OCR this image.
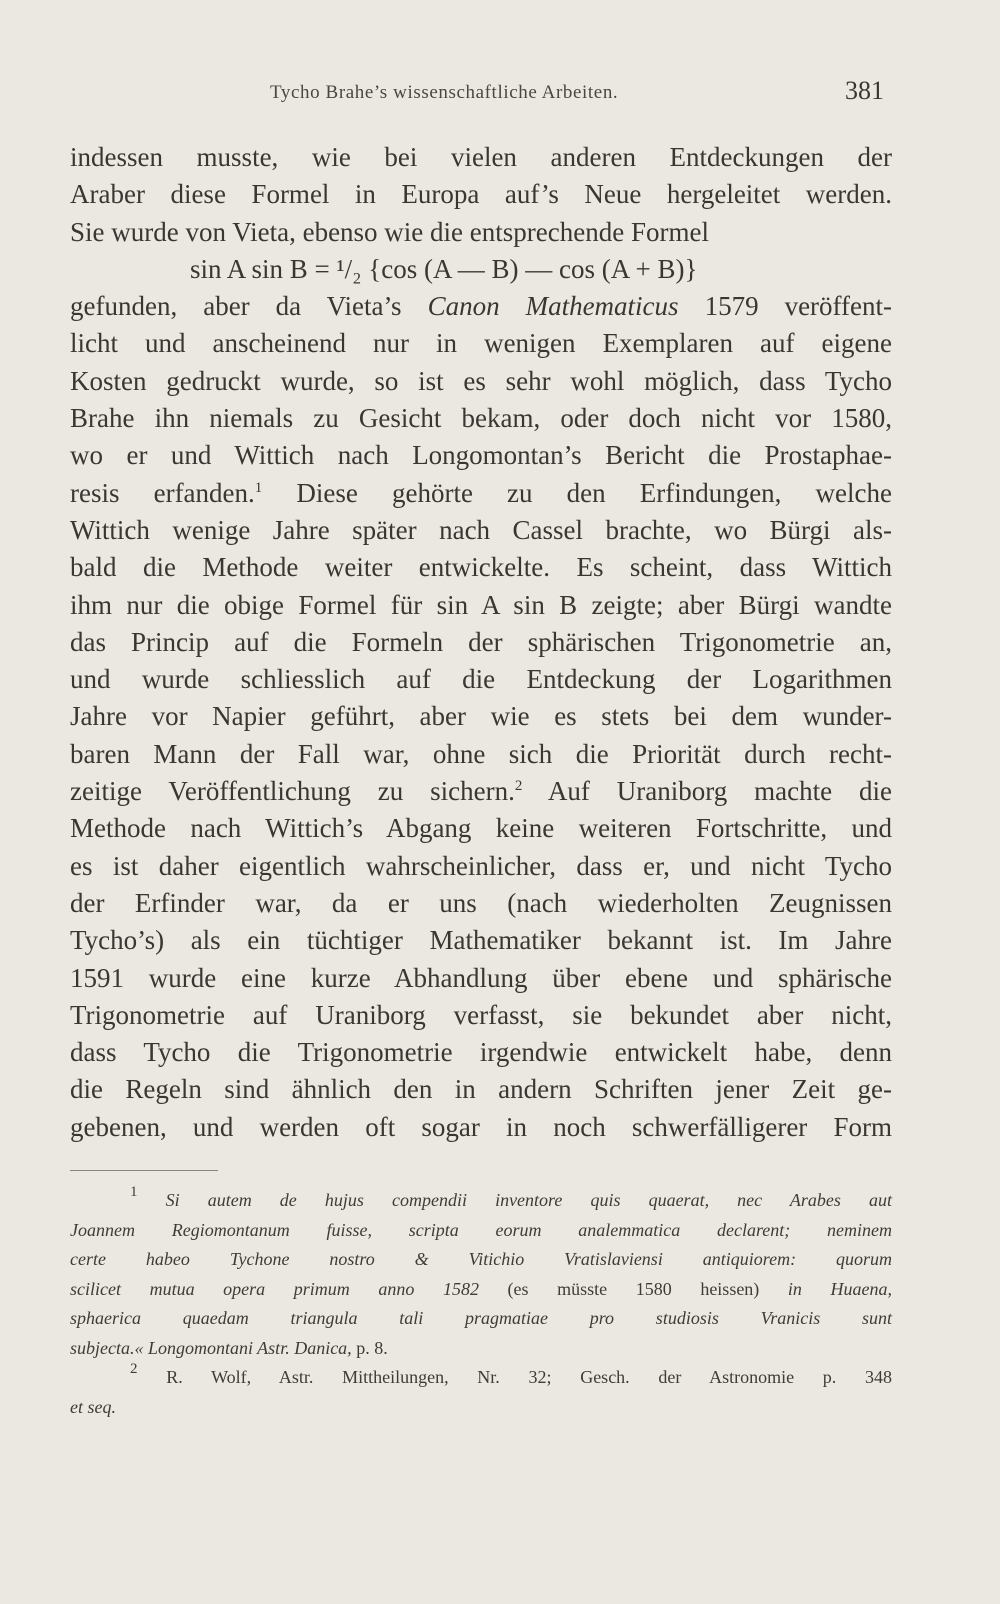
Tycho Brahe’s wissenschaftliche Arbeiten.	381
indessen musste, wie bei vielen anderen Entdeckungen der
Araber diese Formel in Europa auf’s Neue hergeleitet werden.
Sie wurde von Vieta, ebenso wie die entsprechende Formel
sin A sin B = ¹/₂ {cos (A — B) — cos (A + B)}
gefunden, aber da Vieta’s Canon Mathematicus 1579 veröffent-
licht und anscheinend nur in wenigen Exemplaren auf eigene
Kosten gedruckt wurde, so ist es sehr wohl möglich, dass Tycho
Brahe ihn niemals zu Gesicht bekam, oder doch nicht vor 1580,
wo er und Wittich nach Longomontan’s Bericht die Prostaphae-
resis erfanden.$^1$ Diese gehörte zu den Erfindungen, welche
Wittich wenige Jahre später nach Cassel brachte, wo Bürgi als-
bald die Methode weiter entwickelte. Es scheint, dass Wittich
ihm nur die obige Formel für sin A sin B zeigte; aber Bürgi wandte
das Princip auf die Formeln der sphärischen Trigonometrie an,
und wurde schliesslich auf die Entdeckung der Logarithmen
Jahre vor Napier geführt, aber wie es stets bei dem wunder-
baren Mann der Fall war, ohne sich die Priorität durch recht-
zeitige Veröffentlichung zu sichern.$^2$ Auf Uraniborg machte die
Methode nach Wittich’s Abgang keine weiteren Fortschritte, und
es ist daher eigentlich wahrscheinlicher, dass er, und nicht Tycho
der Erfinder war, da er uns (nach wiederholten Zeugnissen
Tycho’s) als ein tüchtiger Mathematiker bekannt ist. Im Jahre
1591 wurde eine kurze Abhandlung über ebene und sphärische
Trigonometrie auf Uraniborg verfasst, sie bekundet aber nicht,
dass Tycho die Trigonometrie irgendwie entwickelt habe, denn
die Regeln sind ähnlich den in andern Schriften jener Zeit ge-
gebenen, und werden oft sogar in noch schwerfälligerer Form
$^1$ Si autem de hujus compendii inventore quis quaerat, nec Arabes aut
Joannem Regiomontanum fuisse, scripta eorum analemmatica declarent; neminem
certe habeo Tychone nostro & Vitichio Vratislaviensi antiquiorem: quorum
scilicet mutua opera primum anno 1582 (es müsste 1580 heissen) in Huaena,
sphaerica quaedam triangula tali pragmatiae pro studiosis Vranicis sunt
subjecta.« Longomontani Astr. Danica, p. 8.
$^2$ R. Wolf, Astr. Mittheilungen, Nr. 32; Gesch. der Astronomie p. 348
et seq.
